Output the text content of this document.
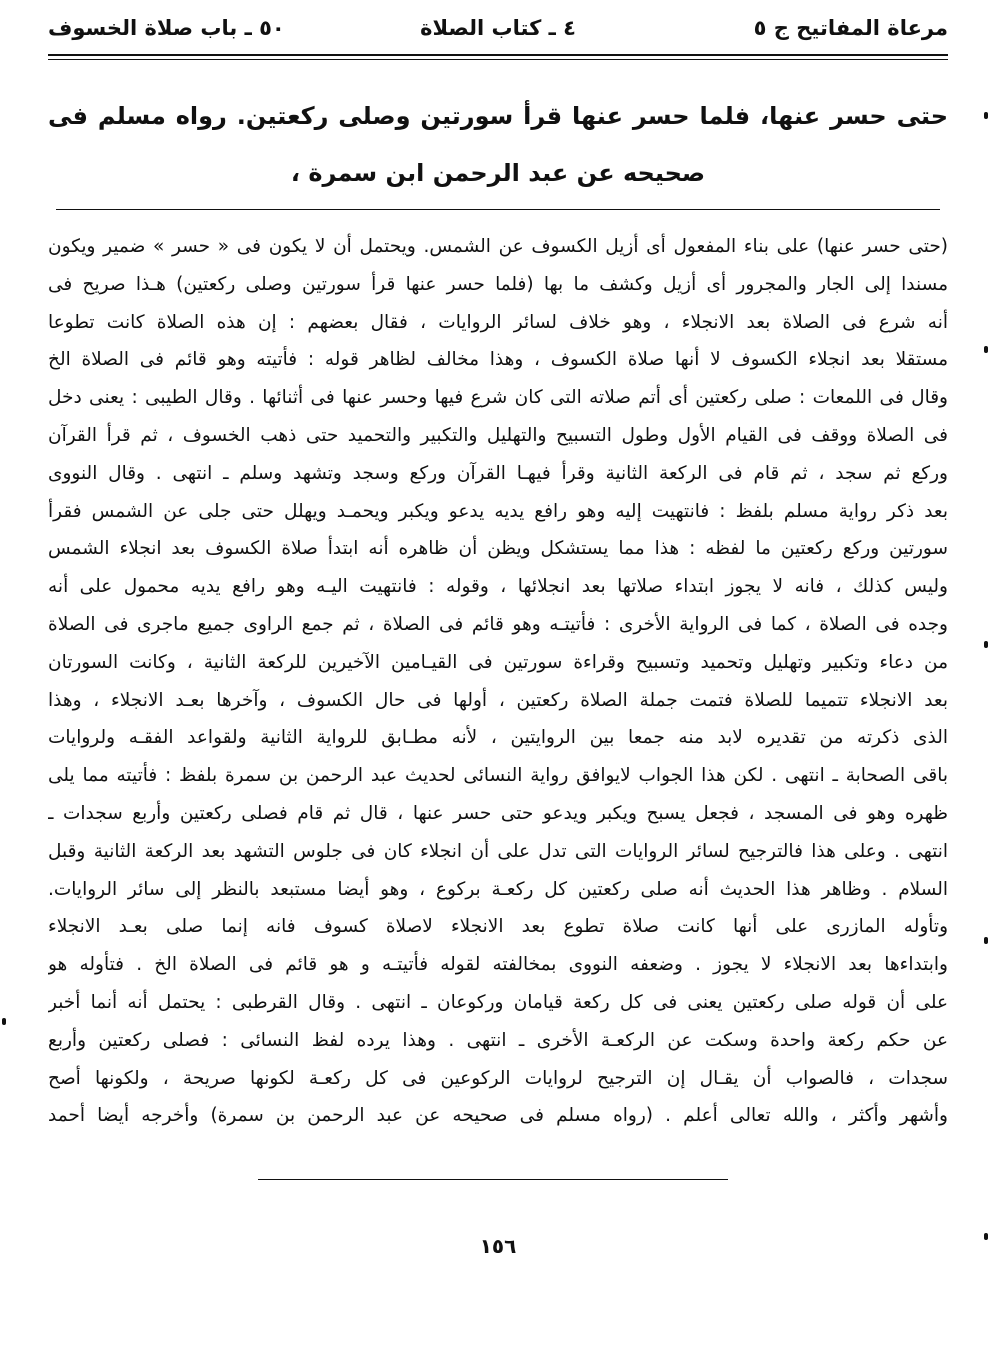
مرعاة المفاتيح ج ٥
٤ ـ كتاب الصلاة
٥٠ ـ باب صلاة الخسوف
حتى حسر عنها، فلما حسر عنها قرأ سورتين وصلى ركعتين. رواه مسلم فى صحيحه عن عبد الرحمن ابن سمرة ،
(حتى حسر عنها) على بناء المفعول أى أزيل الكسوف عن الشمس. ويحتمل أن لا يكون فى « حسر » ضمير ويكون
مسندا إلى الجار والمجرور أى أزيل وكشف ما بها (فلما حسر عنها قرأ سورتين وصلى ركعتين) هـذا صريح فى
أنه شرع فى الصلاة بعد الانجلاء ، وهو خلاف لسائر الروايات ، فقال بعضهم : إن هذه الصلاة كانت تطوعا
مستقلا بعد انجلاء الكسوف لا أنها صلاة الكسوف ، وهذا مخالف لظاهر قوله : فأتيته وهو قائم فى الصلاة الخ
وقال فى اللمعات : صلى ركعتين أى أتم صلاته التى كان شرع فيها وحسر عنها فى أثنائها . وقال الطيبى : يعنى دخل
فى الصلاة ووقف فى القيام الأول وطول التسبيح والتهليل والتكبير والتحميد حتى ذهب الخسوف ، ثم قرأ القرآن
وركع ثم سجد ، ثم قام فى الركعة الثانية وقرأ فيهـا القرآن وركع وسجد وتشهد وسلم ـ انتهى . وقال النووى
بعد ذكر رواية مسلم بلفظ : فانتهيت إليه وهو رافع يديه يدعو ويكبر ويحمـد ويهلل حتى جلى عن الشمس فقرأ
سورتين وركع ركعتين ما لفظه : هذا مما يستشكل ويظن أن ظاهره أنه ابتدأ صلاة الكسوف بعد انجلاء الشمس
وليس كذلك ، فانه لا يجوز ابتداء صلاتها بعد انجلائها ، وقوله : فانتهيت اليـه وهو رافع يديه محمول على أنه
وجده فى الصلاة ، كما فى الرواية الأخرى : فأتيتـه وهو قائم فى الصلاة ، ثم جمع الراوى جميع ماجرى فى الصلاة
من دعاء وتكبير وتهليل وتحميد وتسبيح وقراءة سورتين فى القيـامين الآخيرين للركعة الثانية ، وكانت السورتان
بعد الانجلاء تتميما للصلاة فتمت جملة الصلاة ركعتين ، أولها فى حال الكسوف ، وآخرها بعـد الانجلاء ، وهذا
الذى ذكرته من تقديره لابد منه جمعا بين الروايتين ، لأنه مطـابق للرواية الثانية ولقواعد الفقـه ولروايات
باقى الصحابة ـ انتهى . لكن هذا الجواب لايوافق رواية النسائى لحديث عبد الرحمن بن سمرة بلفظ : فأتيته مما يلى
ظهره وهو فى المسجد ، فجعل يسبح ويكبر ويدعو حتى حسر عنها ، قال ثم قام فصلى ركعتين وأربع سجدات ـ
انتهى . وعلى هذا فالترجيح لسائر الروايات التى تدل على أن انجلاء كان فى جلوس التشهد بعد الركعة الثانية وقبل
السلام . وظاهر هذا الحديث أنه صلى ركعتين كل ركعـة بركوع ، وهو أيضا مستبعد بالنظر إلى سائر الروايات.
وتأوله المازرى على أنها كانت صلاة تطوع بعد الانجلاء لاصلاة كسوف فانه إنما صلى بعـد الانجلاء
وابتداءها بعد الانجلاء لا يجوز . وضعفه النووى بمخالفته لقوله فأتيتـه و هو قائم فى الصلاة الخ . فتأوله هو
على أن قوله صلى ركعتين يعنى فى كل ركعة قيامان وركوعان ـ انتهى . وقال القرطبى : يحتمل أنه أنما أخبر
عن حكم ركعة واحدة وسكت عن الركعـة الأخرى ـ انتهى . وهذا يرده لفظ النسائى : فصلى ركعتين وأربع
سجدات ، فالصواب أن يقـال إن الترجيح لروايات الركوعين فى كل ركعـة لكونها صريحة ، ولكونها أصح
وأشهر وأكثر ، والله تعالى أعلم . (رواه مسلم فى صحيحه عن عبد الرحمن بن سمرة) وأخرجه أيضا أحمد
١٥٦
